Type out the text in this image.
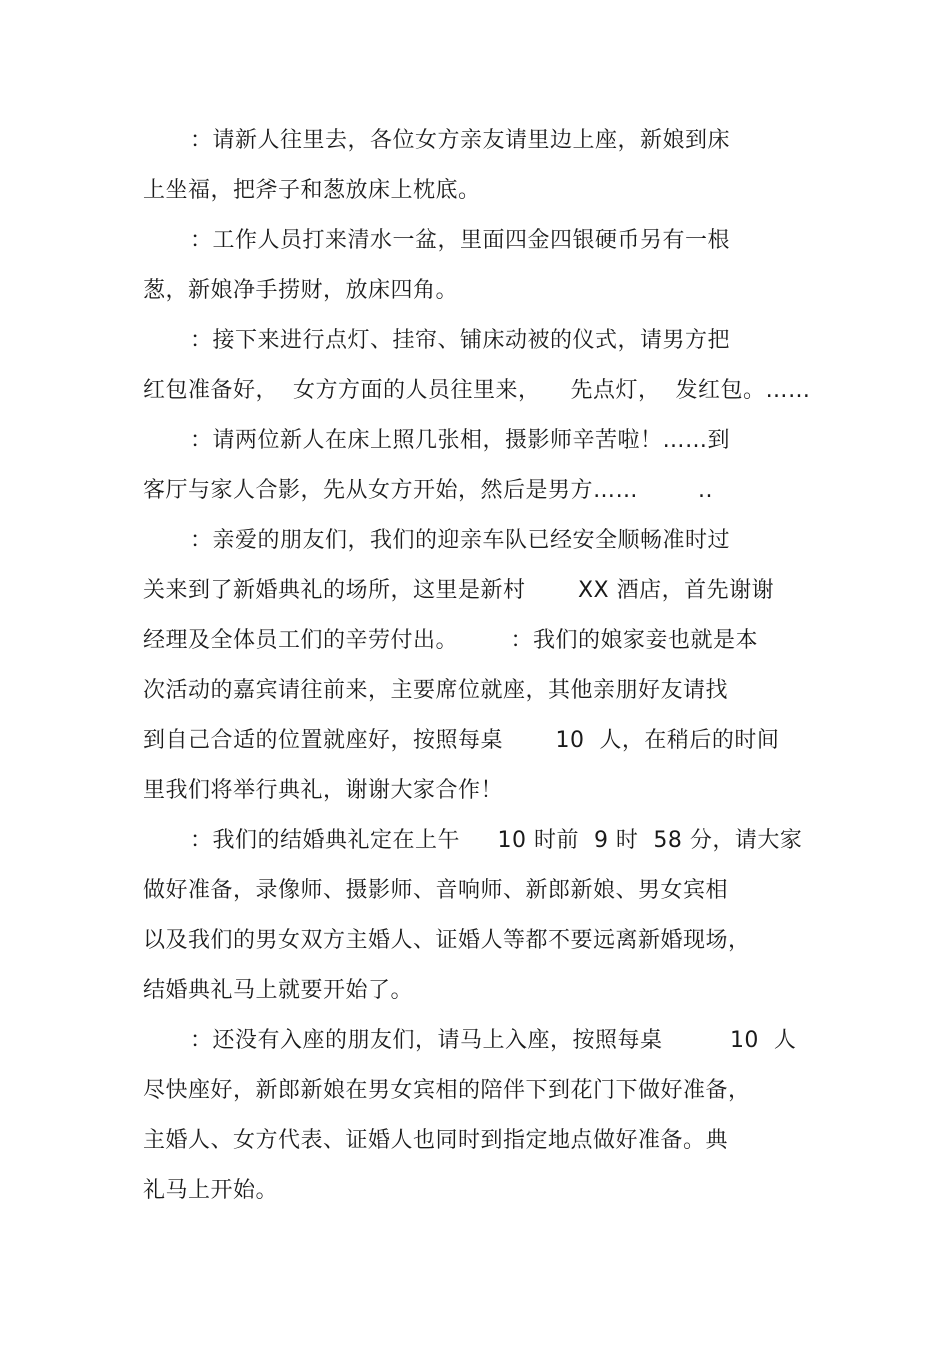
：请新人往里去，各位女方亲友请里边上座，新娘到床
上坐福，把斧子和葱放床上枕底。
：工作人员打来清水一盆，里面四金四银硬币另有一根
葱，新娘净手捞财，放床四角。
：接下来进行点灯、挂帘、铺床动被的仪式，请男方把
红包准备好，  女方方面的人员往里来，    先点灯，  发红包。……
：请两位新人在床上照几张相，摄影师辛苦啦！……到
客厅与家人合影，先从女方开始，然后是男方……        ..
：亲爱的朋友们，我们的迎亲车队已经安全顺畅准时过
关来到了新婚典礼的场所，这里是新村       XX 酒店，首先谢谢
经理及全体员工们的辛劳付出。       ：我们的娘家妾也就是本
次活动的嘉宾请往前来，主要席位就座，其他亲朋好友请找
到自己合适的位置就座好，按照每桌       10  人，在稍后的时间
里我们将举行典礼，谢谢大家合作！
：我们的结婚典礼定在上午     10 时前  9 时  58 分，请大家
做好准备，录像师、摄影师、音响师、新郎新娘、男女宾相
以及我们的男女双方主婚人、证婚人等都不要远离新婚现场，
结婚典礼马上就要开始了。
：还没有入座的朋友们，请马上入座，按照每桌         10  人
尽快座好，新郎新娘在男女宾相的陪伴下到花门下做好准备，
主婚人、女方代表、证婚人也同时到指定地点做好准备。典
礼马上开始。
